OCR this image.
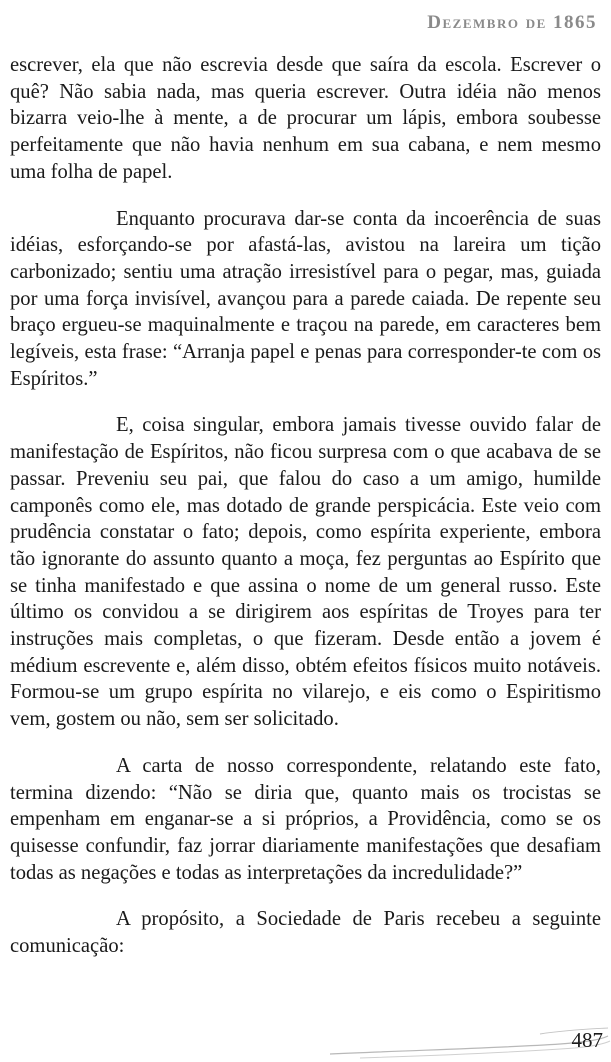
Dezembro de 1865

escrever, ela que não escrevia desde que saíra da escola. Escrever o quê? Não sabia nada, mas queria escrever. Outra idéia não menos bizarra veio-lhe à mente, a de procurar um lápis, embora soubesse perfeitamente que não havia nenhum em sua cabana, e nem mesmo uma folha de papel.

Enquanto procurava dar-se conta da incoerência de suas idéias, esforçando-se por afastá-las, avistou na lareira um tição carbonizado; sentiu uma atração irresistível para o pegar, mas, guiada por uma força invisível, avançou para a parede caiada. De repente seu braço ergueu-se maquinalmente e traçou na parede, em caracteres bem legíveis, esta frase: “Arranja papel e penas para corresponder-te com os Espíritos.”

E, coisa singular, embora jamais tivesse ouvido falar de manifestação de Espíritos, não ficou surpresa com o que acabava de se passar. Preveniu seu pai, que falou do caso a um amigo, humilde camponês como ele, mas dotado de grande perspicácia. Este veio com prudência constatar o fato; depois, como espírita experiente, embora tão ignorante do assunto quanto a moça, fez perguntas ao Espírito que se tinha manifestado e que assina o nome de um general russo. Este último os convidou a se dirigirem aos espíritas de Troyes para ter instruções mais completas, o que fizeram. Desde então a jovem é médium escrevente e, além disso, obtém efeitos físicos muito notáveis. Formou-se um grupo espírita no vilarejo, e eis como o Espiritismo vem, gostem ou não, sem ser solicitado.

A carta de nosso correspondente, relatando este fato, termina dizendo: “Não se diria que, quanto mais os trocistas se empenham em enganar-se a si próprios, a Providência, como se os quisesse confundir, faz jorrar diariamente manifestações que desafiam todas as negações e todas as interpretações da incredulidade?”

A propósito, a Sociedade de Paris recebeu a seguinte comunicação:

487
